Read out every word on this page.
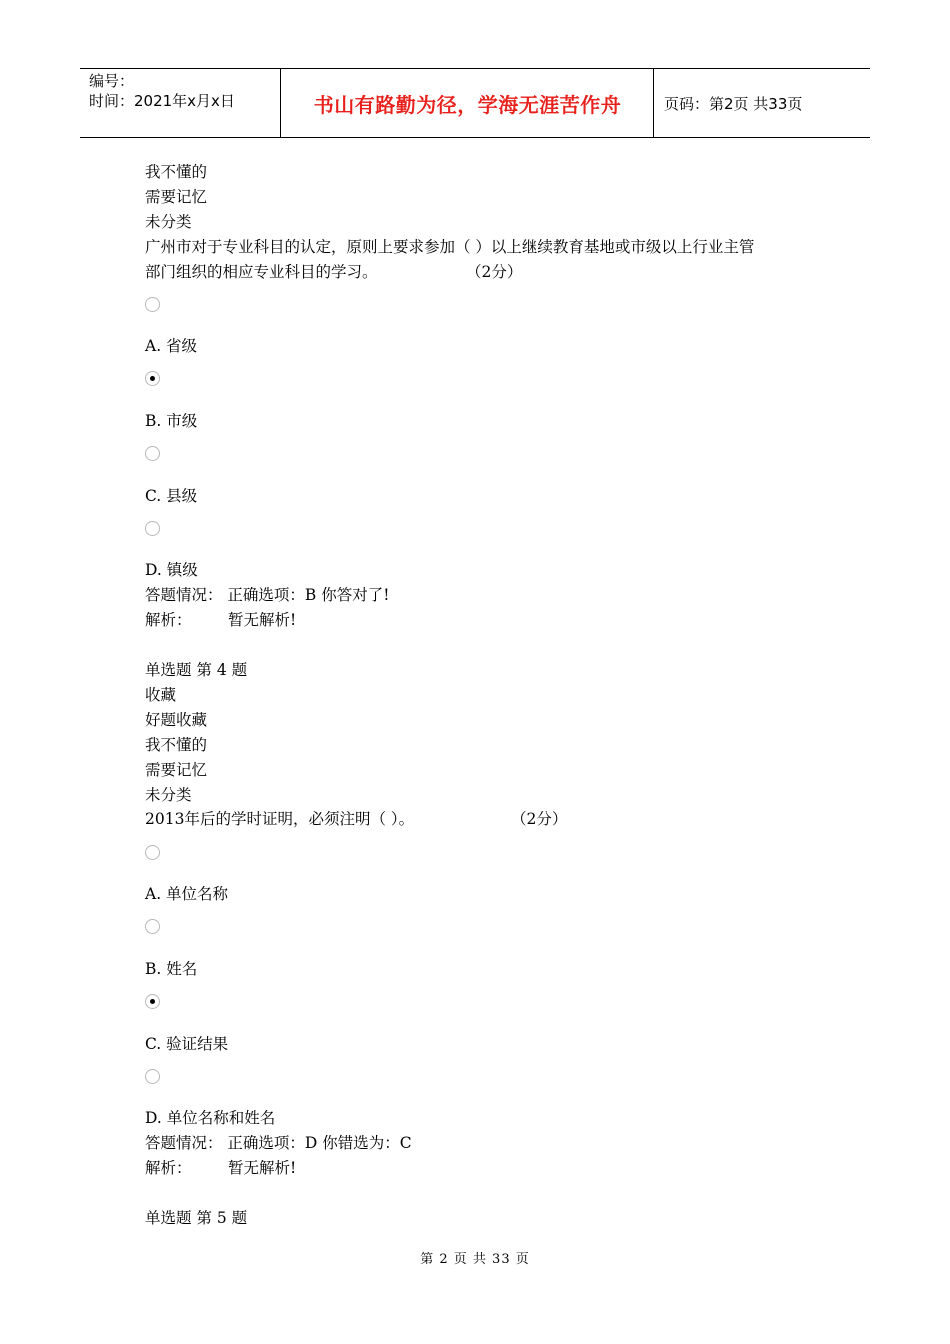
编号：
时间：2021年x月x日	书山有路勤为径，学海无涯苦作舟	页码：第2页 共33页
我不懂的
需要记忆
未分类
广州市对于专业科目的认定，原则上要求参加（ ）以上继续教育基地或市级以上行业主管
部门组织的相应专业科目的学习。	（2分）
A. 省级
B. 市级
C. 县级
D. 镇级
答题情况： 正确选项：B 你答对了!
解析： 暂无解析!
单选题 第 4 题
收藏
好题收藏
我不懂的
需要记忆
未分类
2013年后的学时证明，必须注明（ ）。	（2分）
A. 单位名称
B. 姓名
C. 验证结果
D. 单位名称和姓名
答题情况： 正确选项：D 你错选为：C
解析： 暂无解析!
单选题 第 5 题
第 2 页 共 33 页
